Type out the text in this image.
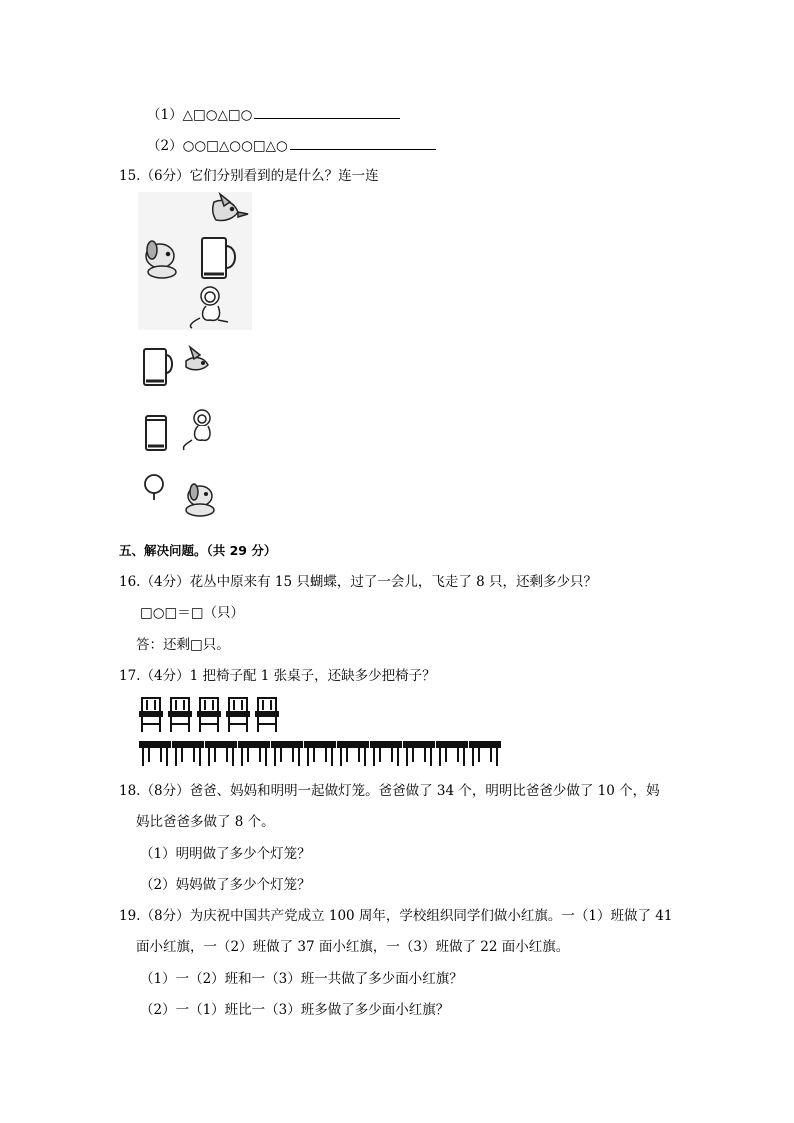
（1）△□○△□○
（2）○○□△○○□△○
15.（6分）它们分别看到的是什么？连一连
五、解决问题。（共 29 分）
16.（4分）花丛中原来有 15 只蝴蝶，过了一会儿，飞走了 8 只，还剩多少只？
□○□＝□（只）
答：还剩□只。
17.（4分）1 把椅子配 1 张桌子，还缺多少把椅子？
18.（8分）爸爸、妈妈和明明一起做灯笼。爸爸做了 34 个，明明比爸爸少做了 10 个，妈
妈比爸爸多做了 8 个。
（1）明明做了多少个灯笼？
（2）妈妈做了多少个灯笼？
19.（8分）为庆祝中国共产党成立 100 周年，学校组织同学们做小红旗。一（1）班做了 41
面小红旗，一（2）班做了 37 面小红旗，一（3）班做了 22 面小红旗。
（1）一（2）班和一（3）班一共做了多少面小红旗？
（2）一（1）班比一（3）班多做了多少面小红旗？
